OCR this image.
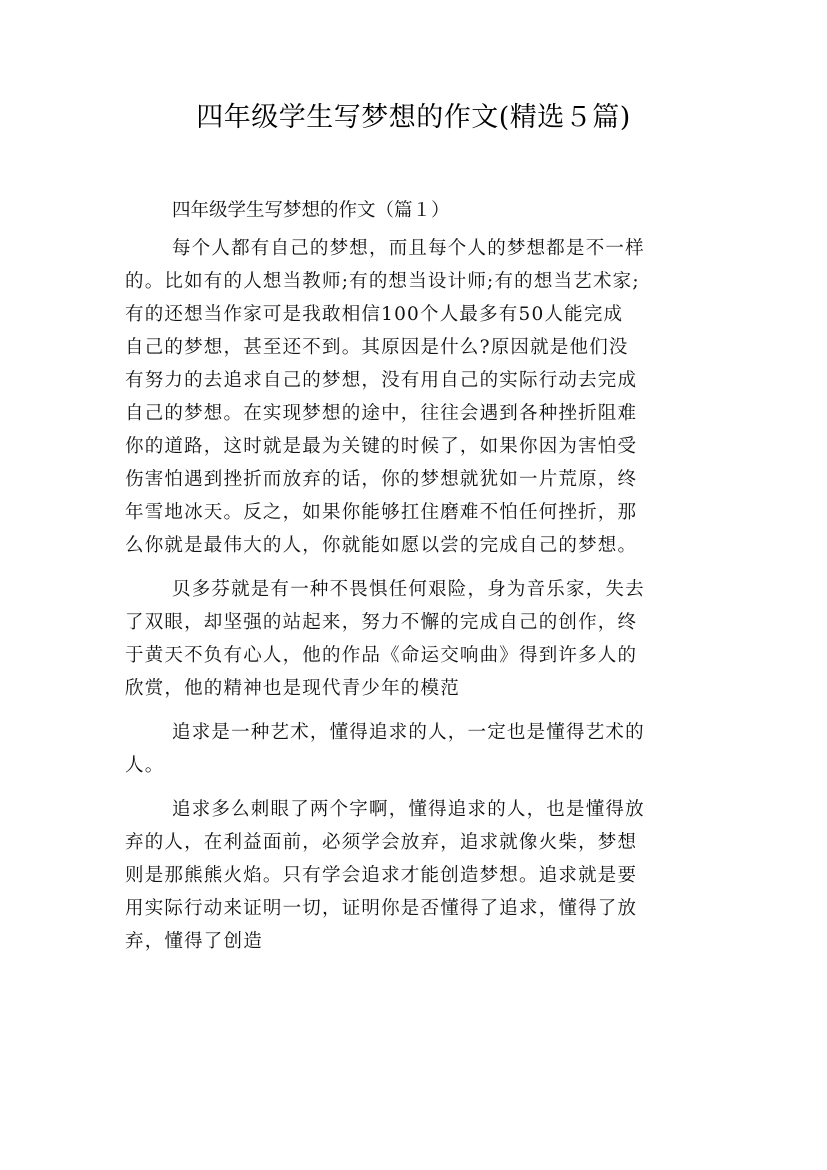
四年级学生写梦想的作文(精选５篇)
四年级学生写梦想的作文（篇１）
每个人都有自己的梦想，而且每个人的梦想都是不一样
的。比如有的人想当教师;有的想当设计师;有的想当艺术家;
有的还想当作家可是我敢相信100个人最多有50人能完成
自己的梦想，甚至还不到。其原因是什么?原因就是他们没
有努力的去追求自己的梦想，没有用自己的实际行动去完成
自己的梦想。在实现梦想的途中，往往会遇到各种挫折阻难
你的道路，这时就是最为关键的时候了，如果你因为害怕受
伤害怕遇到挫折而放弃的话，你的梦想就犹如一片荒原，终
年雪地冰天。反之，如果你能够扛住磨难不怕任何挫折，那
么你就是最伟大的人，你就能如愿以尝的完成自己的梦想。
贝多芬就是有一种不畏惧任何艰险，身为音乐家，失去
了双眼，却坚强的站起来，努力不懈的完成自己的创作，终
于黄天不负有心人，他的作品《命运交响曲》得到许多人的
欣赏，他的精神也是现代青少年的模范
追求是一种艺术，懂得追求的人，一定也是懂得艺术的
人。
追求多么刺眼了两个字啊，懂得追求的人，也是懂得放
弃的人，在利益面前，必须学会放弃，追求就像火柴，梦想
则是那熊熊火焰。只有学会追求才能创造梦想。追求就是要
用实际行动来证明一切，证明你是否懂得了追求，懂得了放
弃，懂得了创造
